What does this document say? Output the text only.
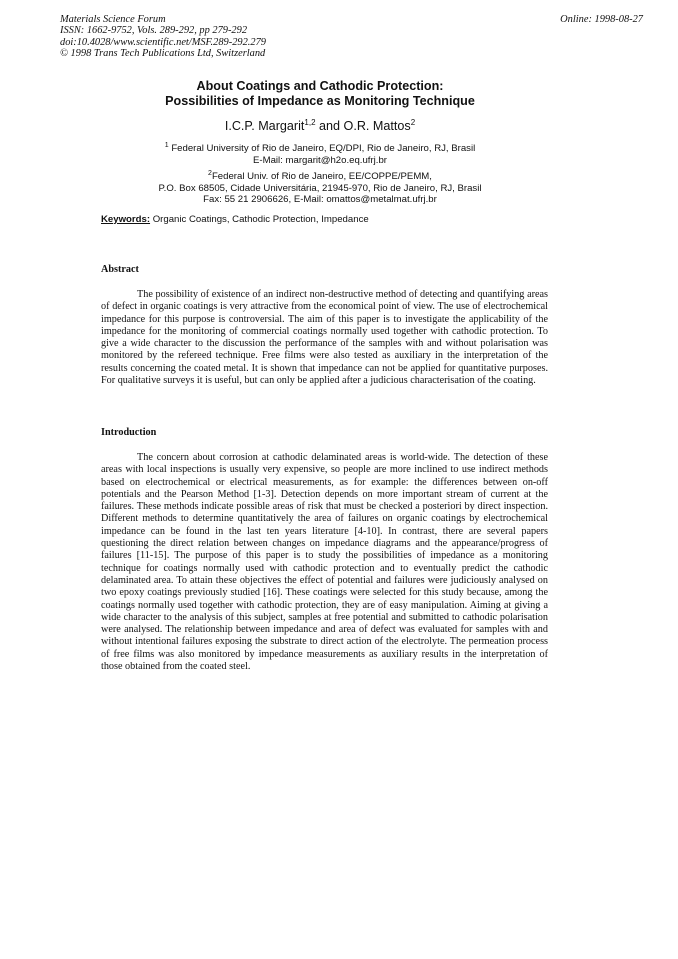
Materials Science Forum
ISSN: 1662-9752, Vols. 289-292, pp 279-292
doi:10.4028/www.scientific.net/MSF.289-292.279
© 1998 Trans Tech Publications Ltd, Switzerland
Online: 1998-08-27
About Coatings and Cathodic Protection:
Possibilities of Impedance as Monitoring Technique
I.C.P. Margarit$^{1,2}$ and O.R. Mattos$^2$
$^1$ Federal University of Rio de Janeiro, EQ/DPI, Rio de Janeiro, RJ, Brasil
E-Mail: margarit@h2o.eq.ufrj.br
$^2$Federal Univ. of Rio de Janeiro, EE/COPPE/PEMM,
P.O. Box 68505, Cidade Universitária, 21945-970, Rio de Janeiro, RJ, Brasil
Fax: 55 21 2906626, E-Mail: omattos@metalmat.ufrj.br
Keywords: Organic Coatings, Cathodic Protection, Impedance
Abstract
The possibility of existence of an indirect non-destructive method of detecting and quantifying areas of defect in organic coatings is very attractive from the economical point of view. The use of electrochemical impedance for this purpose is controversial. The aim of this paper is to investigate the applicability of the impedance for the monitoring of commercial coatings normally used together with cathodic protection. To give a wide character to the discussion the performance of the samples with and without polarisation was monitored by the refereed technique. Free films were also tested as auxiliary in the interpretation of the results concerning the coated metal. It is shown that impedance can not be applied for quantitative purposes. For qualitative surveys it is useful, but can only be applied after a judicious characterisation of the coating.
Introduction
The concern about corrosion at cathodic delaminated areas is world-wide. The detection of these areas with local inspections is usually very expensive, so people are more inclined to use indirect methods based on electrochemical or electrical measurements, as for example: the differences between on-off potentials and the Pearson Method [1-3]. Detection depends on more important stream of current at the failures. These methods indicate possible areas of risk that must be checked a posteriori by direct inspection. Different methods to determine quantitatively the area of failures on organic coatings by electrochemical impedance can be found in the last ten years literature [4-10]. In contrast, there are several papers questioning the direct relation between changes on impedance diagrams and the appearance/progress of failures [11-15]. The purpose of this paper is to study the possibilities of impedance as a monitoring technique for coatings normally used with cathodic protection and to eventually predict the cathodic delaminated area. To attain these objectives the effect of potential and failures were judiciously analysed on two epoxy coatings previously studied [16]. These coatings were selected for this study because, among the coatings normally used together with cathodic protection, they are of easy manipulation. Aiming at giving a wide character to the analysis of this subject, samples at free potential and submitted to cathodic polarisation were analysed. The relationship between impedance and area of defect was evaluated for samples with and without intentional failures exposing the substrate to direct action of the electrolyte. The permeation process of free films was also monitored by impedance measurements as auxiliary results in the interpretation of those obtained from the coated steel.
